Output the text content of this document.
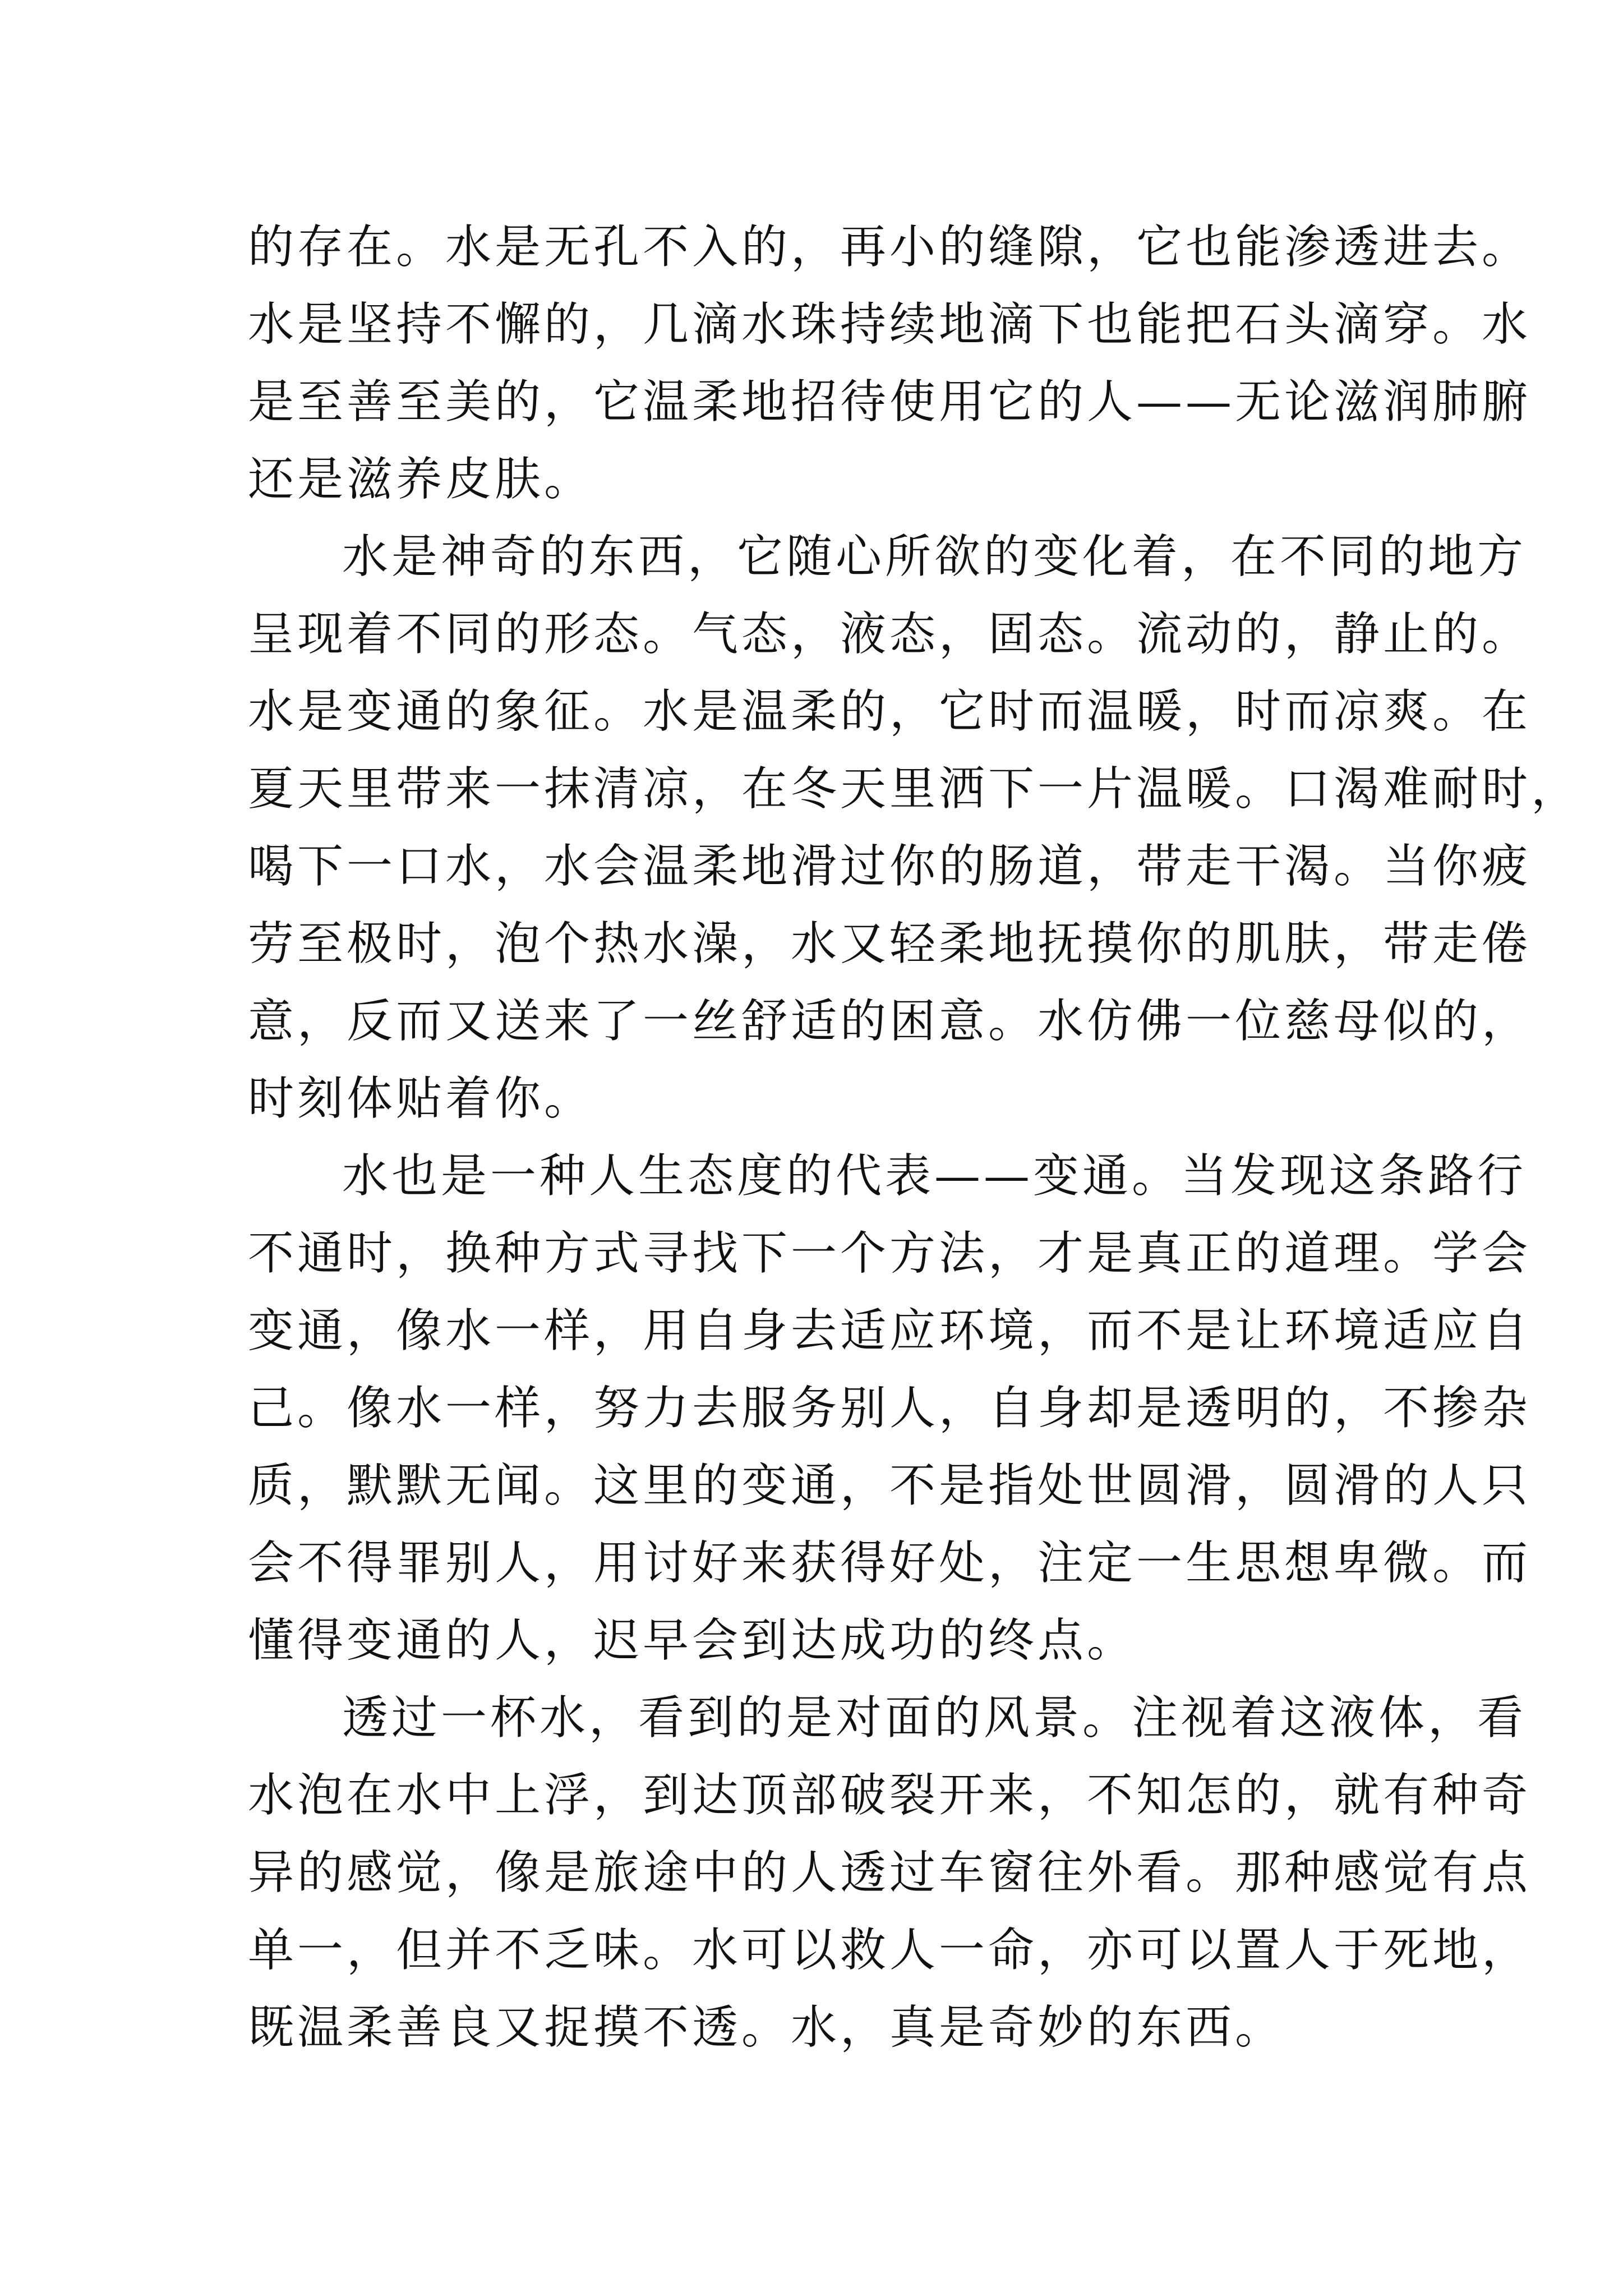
的存在。水是无孔不入的，再小的缝隙，它也能渗透进去。
水是坚持不懈的，几滴水珠持续地滴下也能把石头滴穿。水
是至善至美的，它温柔地招待使用它的人——无论滋润肺腑
还是滋养皮肤。
水是神奇的东西，它随心所欲的变化着，在不同的地方
呈现着不同的形态。气态，液态，固态。流动的，静止的。
水是变通的象征。水是温柔的，它时而温暖，时而凉爽。在
夏天里带来一抹清凉，在冬天里洒下一片温暖。口渴难耐时，
喝下一口水，水会温柔地滑过你的肠道，带走干渴。当你疲
劳至极时，泡个热水澡，水又轻柔地抚摸你的肌肤，带走倦
意，反而又送来了一丝舒适的困意。水仿佛一位慈母似的，
时刻体贴着你。
水也是一种人生态度的代表——变通。当发现这条路行
不通时，换种方式寻找下一个方法，才是真正的道理。学会
变通，像水一样，用自身去适应环境，而不是让环境适应自
己。像水一样，努力去服务别人，自身却是透明的，不掺杂
质，默默无闻。这里的变通，不是指处世圆滑，圆滑的人只
会不得罪别人，用讨好来获得好处，注定一生思想卑微。而
懂得变通的人，迟早会到达成功的终点。
透过一杯水，看到的是对面的风景。注视着这液体，看
水泡在水中上浮，到达顶部破裂开来，不知怎的，就有种奇
异的感觉，像是旅途中的人透过车窗往外看。那种感觉有点
单一，但并不乏味。水可以救人一命，亦可以置人于死地，
既温柔善良又捉摸不透。水，真是奇妙的东西。
